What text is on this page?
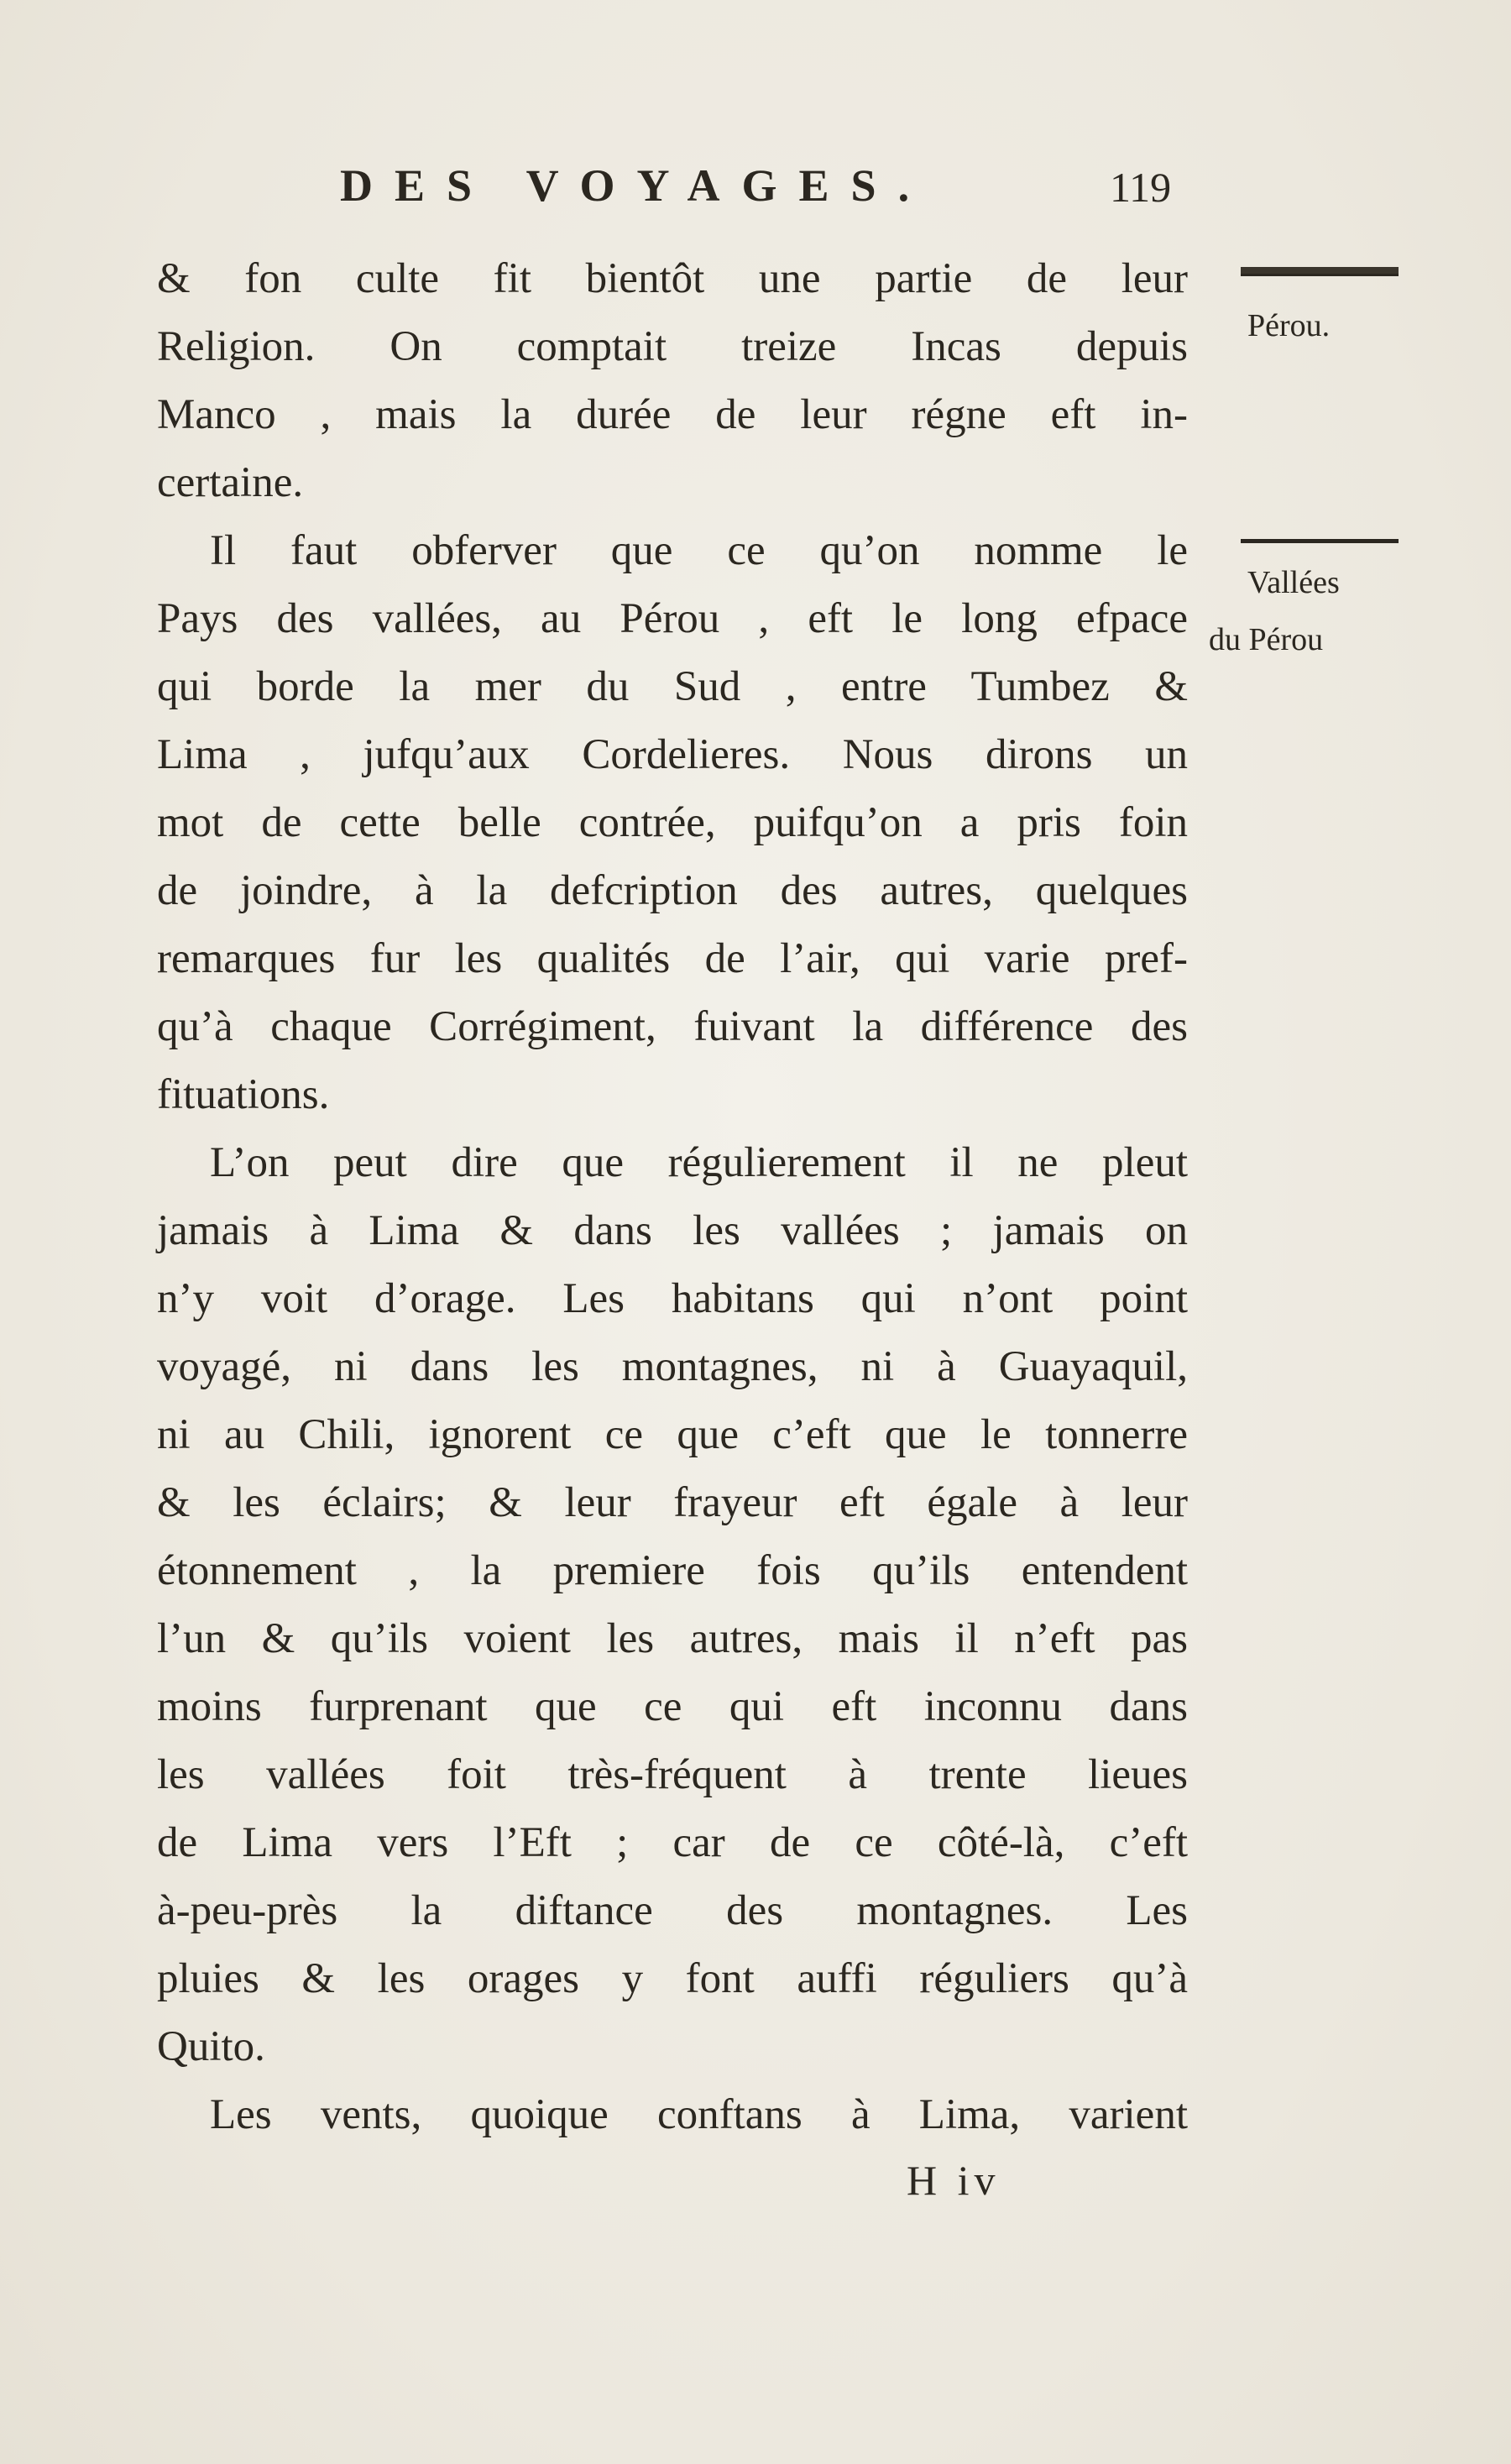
DES VOYAGES.	119
& fon culte fit bientôt une partie de leur
Religion. On comptait treize Incas depuis
Manco , mais la durée de leur régne eft in-
certaine.
Il faut obferver que ce qu’on nomme le
Pays des vallées, au Pérou , eft le long efpace
qui borde la mer du Sud , entre Tumbez &
Lima , jufqu’aux Cordelieres. Nous dirons un
mot de cette belle contrée, puifqu’on a pris foin
de joindre, à la defcription des autres, quelques
remarques fur les qualités de l’air, qui varie pref-
qu’à chaque Corrégiment, fuivant la différence des
fituations.
L’on peut dire que régulierement il ne pleut
jamais à Lima & dans les vallées ; jamais on
n’y voit d’orage. Les habitans qui n’ont point
voyagé, ni dans les montagnes, ni à Guayaquil,
ni au Chili, ignorent ce que c’eft que le tonnerre
& les éclairs; & leur frayeur eft égale à leur
étonnement , la premiere fois qu’ils entendent
l’un & qu’ils voient les autres, mais il n’eft pas
moins furprenant que ce qui eft inconnu dans
les vallées foit très-fréquent à trente lieues
de Lima vers l’Eft ; car de ce côté-là, c’eft
à-peu-près la diftance des montagnes. Les
pluies & les orages y font auffi réguliers qu’à
Quito.
Les vents, quoique conftans à Lima, varient
Pérou.
Vallées
du Pérou
H iv
